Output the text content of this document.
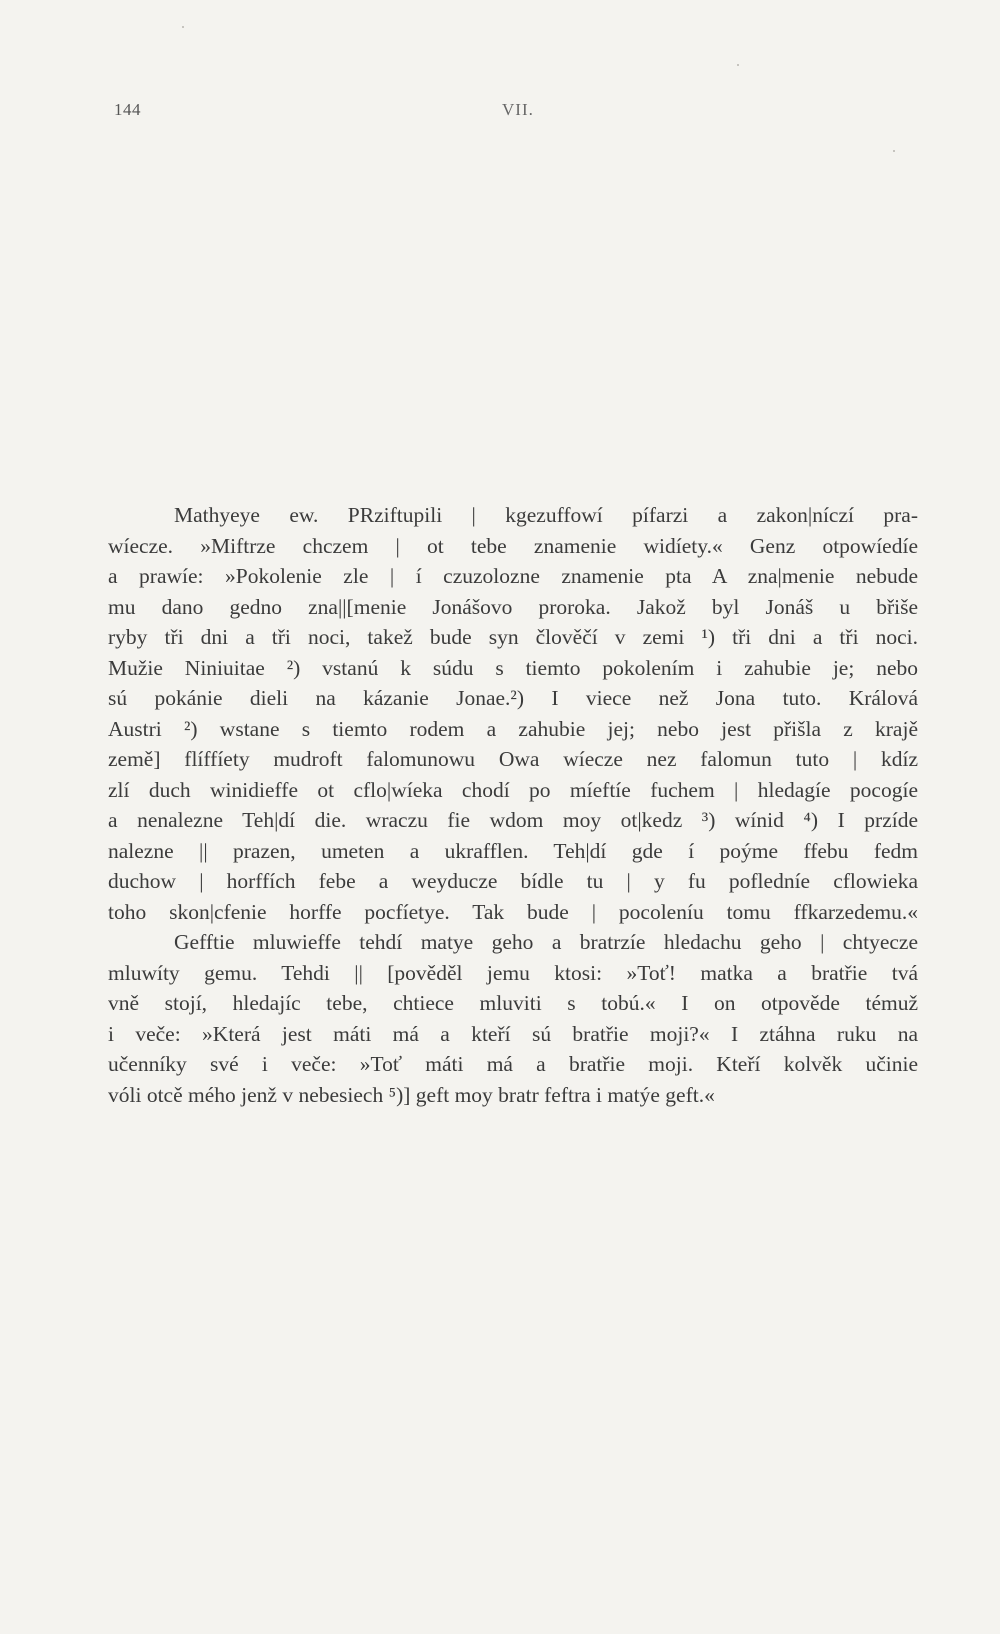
144	VII.
Mathyeye ew. PRziftupili | kgezuffowí pífarzi a zakon|níczí pra-
wíecze. »Miftrze chczem | ot tebe znamenie widíety.« Genz otpowíedíe
a prawíe: »Pokolenie zle | í czuzolozne znamenie pta A zna|menie nebude
mu dano gedno zna||[menie Jonášovo proroka. Jakož byl Jonáš u břiše
ryby tři dni a tři noci, takež bude syn člověčí v zemi ¹) tři dni a tři noci.
Mužie Niniuitae ²) vstanú k súdu s tiemto pokolením i zahubie je; nebo
sú pokánie dieli na kázanie Jonae.²) I viece než Jona tuto. Králová
Austri ²) wstane s tiemto rodem a zahubie jej; nebo jest přišla z krajě
země] flíffíety mudroft falomunowu Owa wíecze nez falomun tuto | kdíz
zlí duch winidieffe ot cflo|wíeka chodí po míeftíe fuchem | hledagíe pocogíe
a nenalezne Teh|dí die. wraczu fie wdom moy ot|kedz ³) wínid ⁴) I przíde
nalezne || prazen, umeten a ukrafflen. Teh|dí gde í poýme ffebu fedm
duchow | horffích febe a weyducze bídle tu | y fu pofledníe cflowieka
toho skon|cfenie horffe pocfíetye. Tak bude | pocoleníu tomu ffkarzedemu.«
Gefftie mluwieffe tehdí matye geho a bratrzíe hledachu geho | chtyecze
mluwíty gemu. Tehdi || [pověděl jemu ktosi: »Toť! matka a bratřie tvá
vně stojí, hledajíc tebe, chtiece mluviti s tobú.« I on otpověde témuž
i veče: »Která jest máti má a kteří sú bratřie moji?« I ztáhna ruku na
učenníky své i veče: »Toť máti má a bratřie moji. Kteří kolvěk učinie
vóli otcě mého jenž v nebesiech ⁵)] geft moy bratr feftra i matýe geft.«
